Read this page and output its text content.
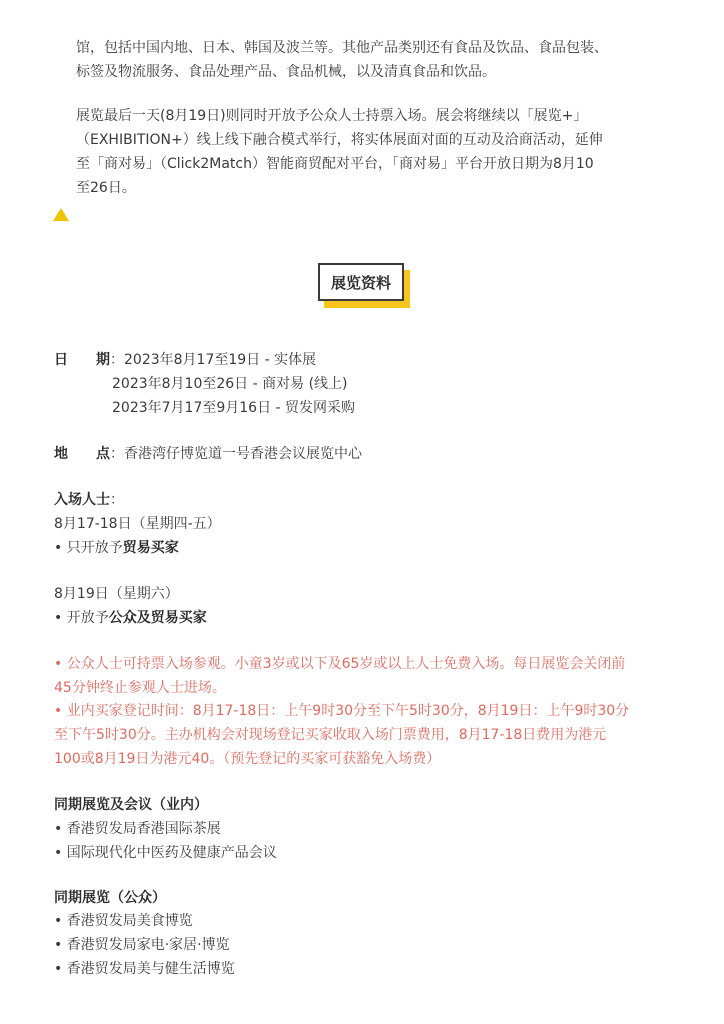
馆，包括中国内地、日本、韩国及波兰等。其他产品类别还有食品及饮品、食品包装、
标签及物流服务、食品处理产品、食品机械，以及清真食品和饮品。
展览最后一天(8月19日)则同时开放予公众人士持票入场。展会将继续以「展览+」
（EXHIBITION+）线上线下融合模式举行，将实体展面对面的互动及洽商活动，延伸
至「商对易」（Click2Match）智能商贸配对平台，「商对易」平台开放日期为8月10
至26日。
展览资料
日 期：2023年8月17至19日 - 实体展
2023年8月10至26日 - 商对易 (线上)
2023年7月17至9月16日 - 贸发网采购
地 点：香港湾仔博览道一号香港会议展览中心
入场人士：
8月17-18日（星期四-五）
• 只开放予贸易买家
8月19日（星期六）
• 开放予公众及贸易买家
• 公众人士可持票入场参观。小童3岁或以下及65岁或以上人士免费入场。每日展览会关闭前
45分钟终止参观人士进场。
• 业内买家登记时间：8月17-18日：上午9时30分至下午5时30分，8月19日：上午9时30分
至下午5时30分。主办机构会对现场登记买家收取入场门票费用，8月17-18日费用为港元
100或8月19日为港元40。（预先登记的买家可获豁免入场费）
同期展览及会议（业内）
• 香港贸发局香港国际茶展
• 国际现代化中医药及健康产品会议
同期展览（公众）
• 香港贸发局美食博览
• 香港贸发局家电·家居·博览
• 香港贸发局美与健生活博览
